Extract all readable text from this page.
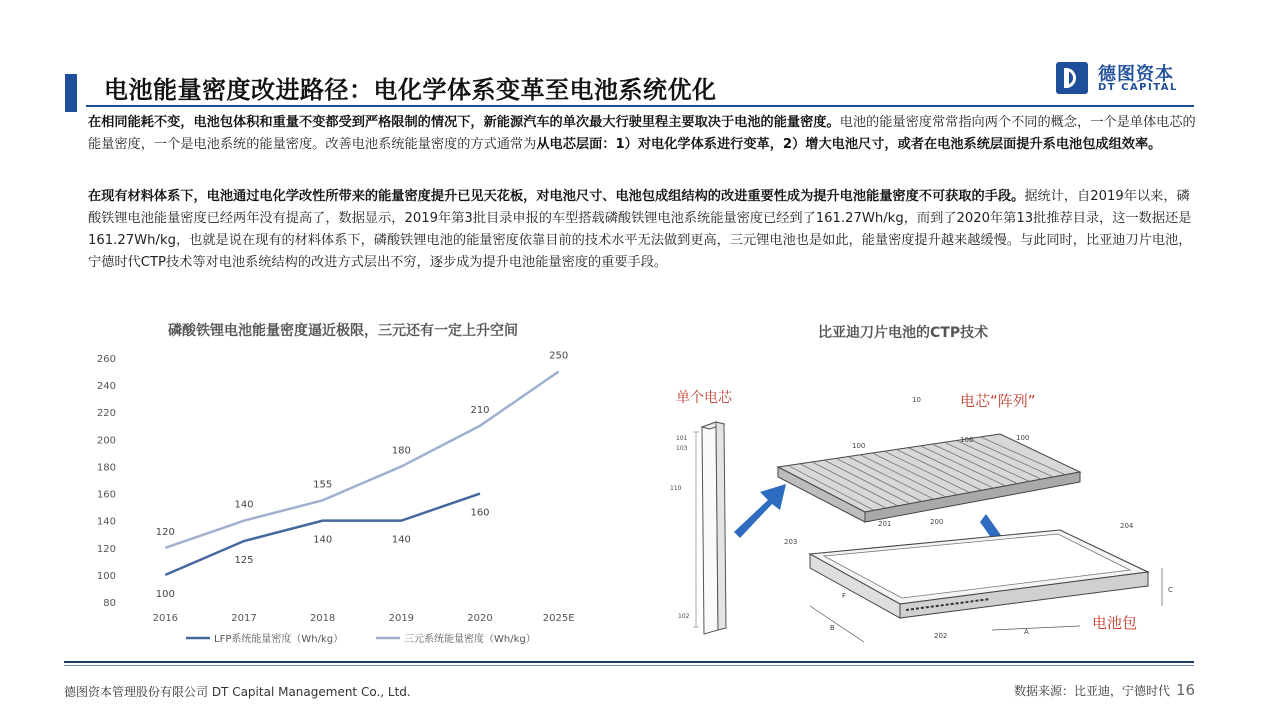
电池能量密度改进路径：电化学体系变革至电池系统优化
德图资本
DT CAPITAL

在相同能耗不变，电池包体积和重量不变都受到严格限制的情况下，新能源汽车的单次最大行驶里程主要取决于电池的能量密度。电池的能量密度常常指向两个不同的概念，一个是单体电芯的能量密度，一个是电池系统的能量密度。改善电池系统能量密度的方式通常为从电芯层面：1）对电化学体系进行变革，2）增大电池尺寸，或者在电池系统层面提升系电池包成组效率。

在现有材料体系下，电池通过电化学改性所带来的能量密度提升已见天花板，对电池尺寸、电池包成组结构的改进重要性成为提升电池能量密度不可获取的手段。据统计，自2019年以来，磷酸铁锂电池能量密度已经两年没有提高了，数据显示，2019年第3批目录申报的车型搭载磷酸铁锂电池系统能量密度已经到了161.27Wh/kg，而到了2020年第13批推荐目录，这一数据还是161.27Wh/kg，也就是说在现有的材料体系下，磷酸铁锂电池的能量密度依靠目前的技术水平无法做到更高，三元锂电池也是如此，能量密度提升越来越缓慢。与此同时，比亚迪刀片电池，宁德时代CTP技术等对电池系统结构的改进方式层出不穷，逐步成为提升电池能量密度的重要手段。

磷酸铁锂电池能量密度逼近极限，三元还有一定上升空间	比亚迪刀片电池的CTP技术
80
100
120
140
160
180
200
220
240
260
2016	2017	2018	2019	2020	2025E
100
125
140	140
160
120
140
155
180
210
250
LFP系统能量密度（Wh/kg）	三元系统能量密度（Wh/kg）
单个电芯
101
103
110
102
电芯“阵列”
10
100
100	100
203
201	200	204
202
F
B	A
C
电池包
德图资本管理股份有限公司 DT Capital Management Co., Ltd.	数据来源：比亚迪，宁德时代 16
